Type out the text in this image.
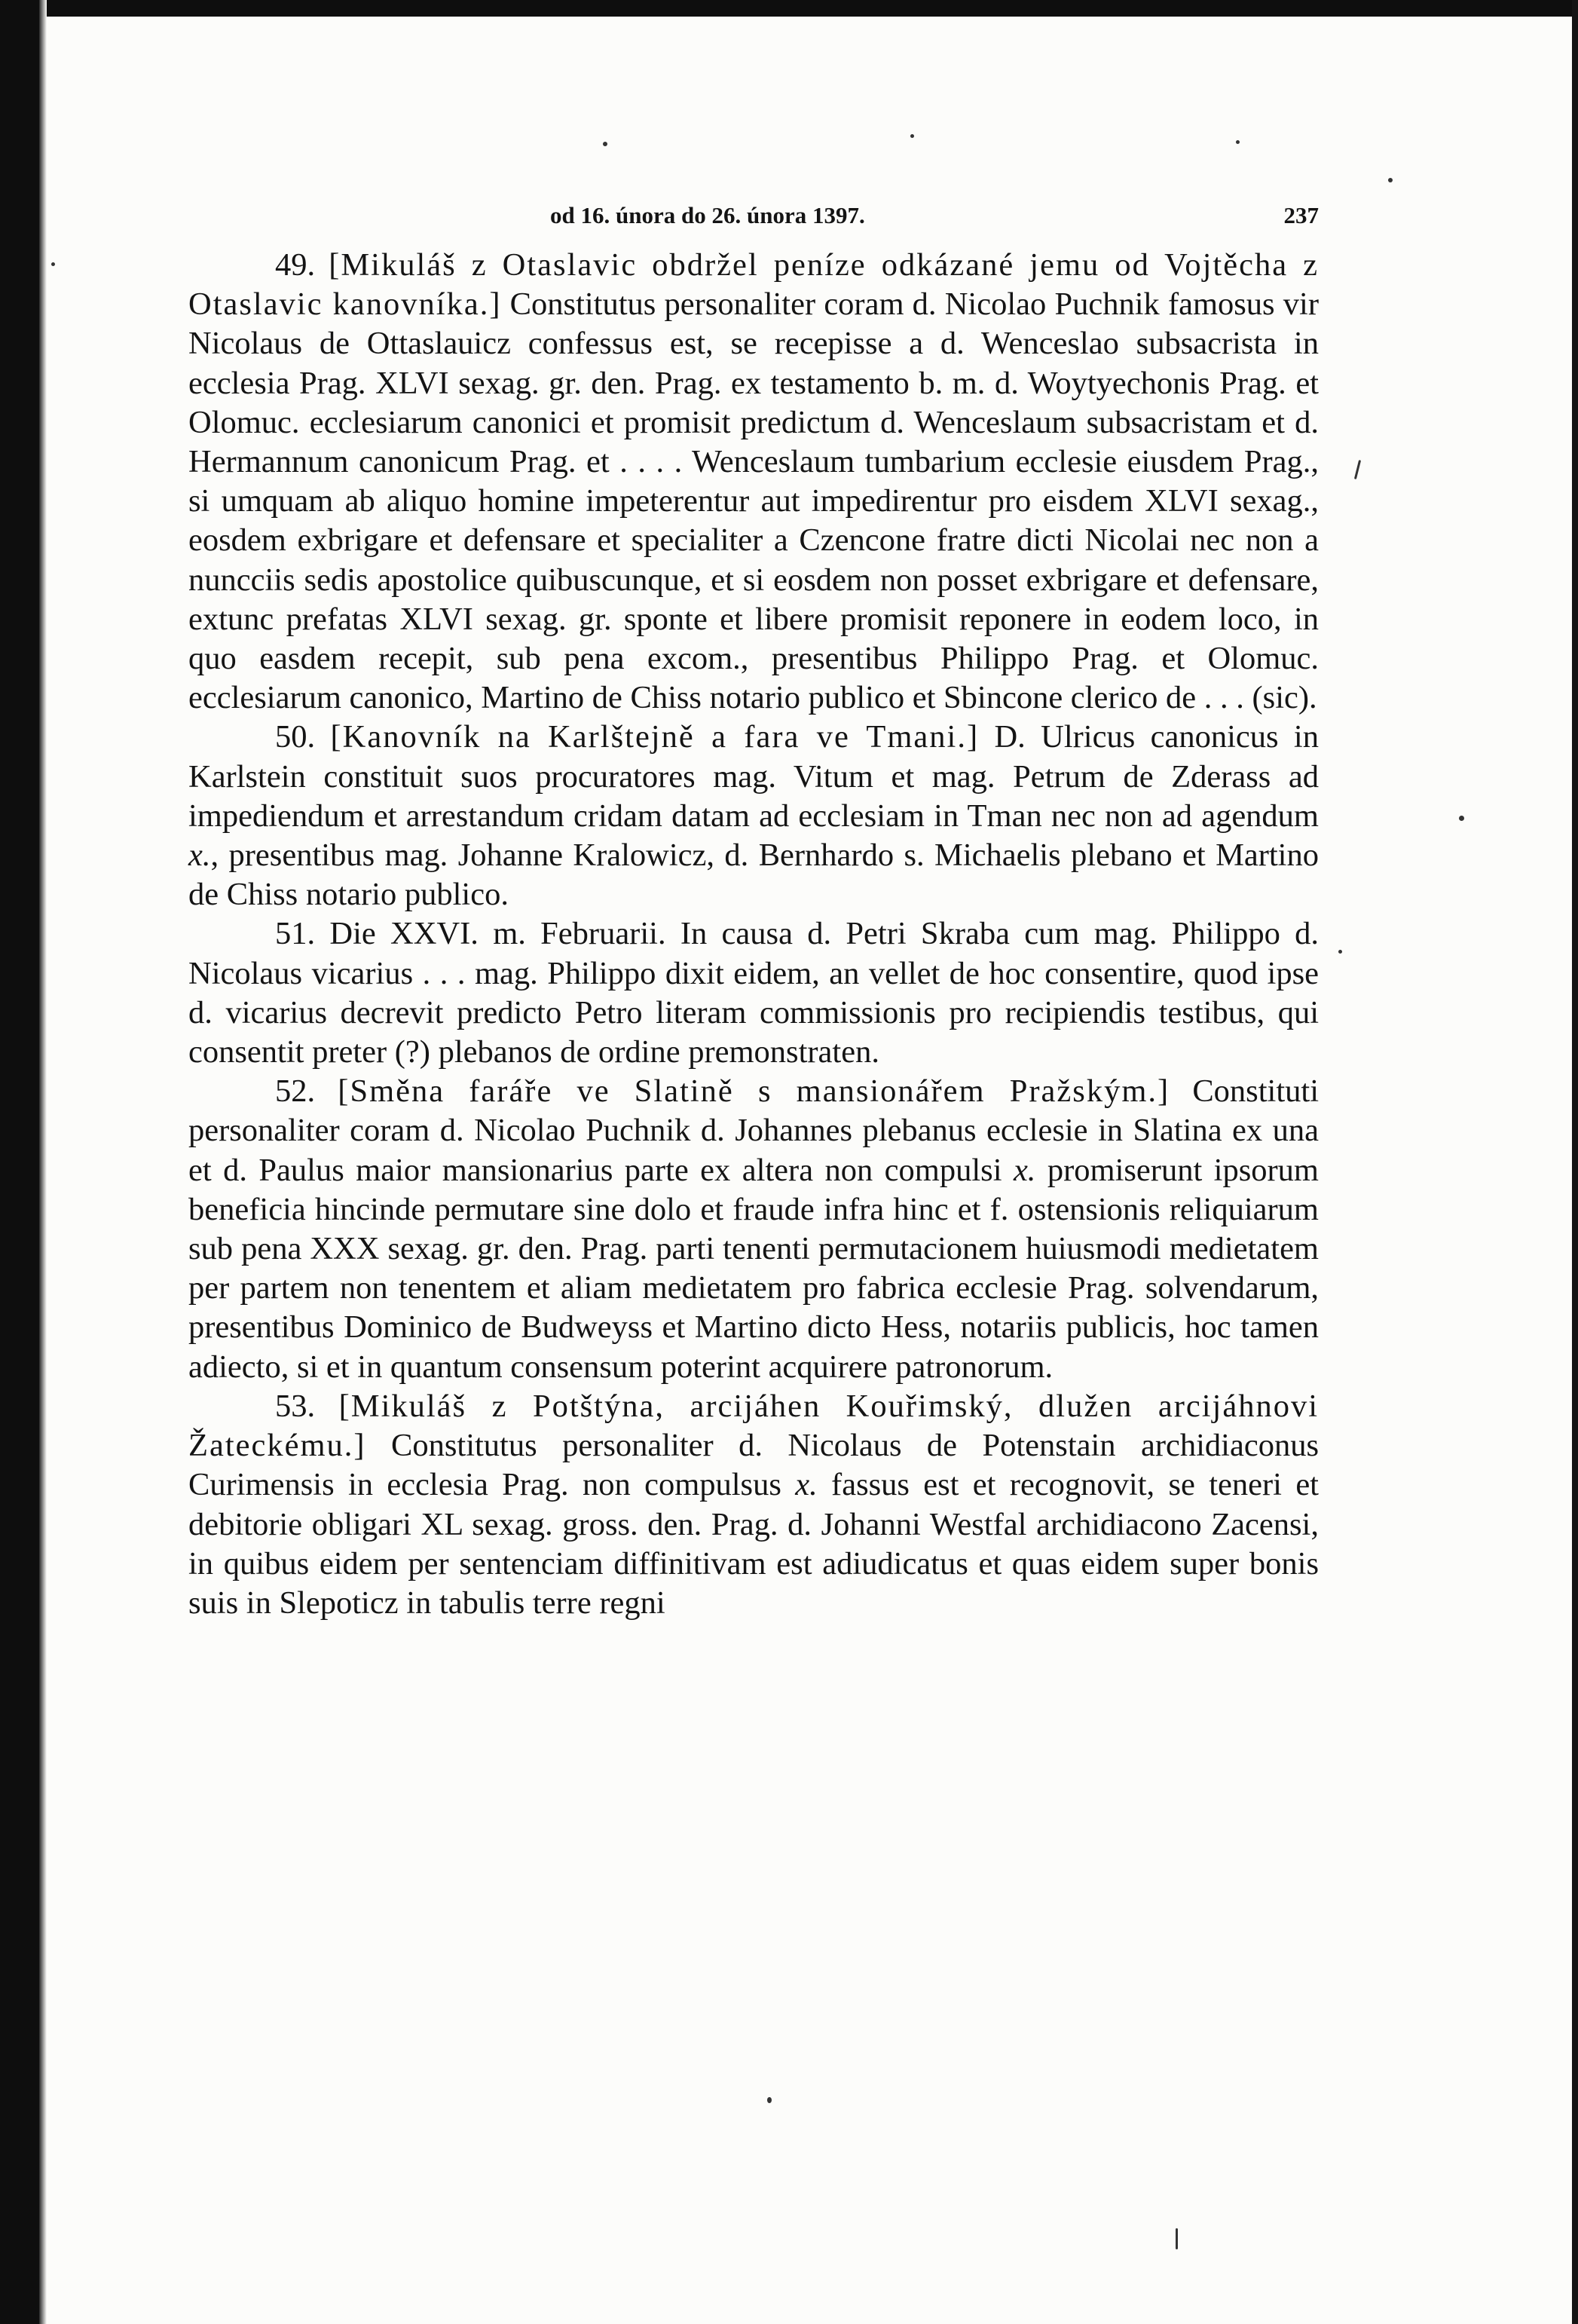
od 16. února do 26. února 1397.	237

49. [Mikuláš z Otaslavic obdržel peníze odkázané jemu od Vojtěcha z Otaslavic kanovníka.] Constitutus personaliter coram d. Nicolao Puchnik famosus vir Nicolaus de Ottaslauicz confessus est, se recepisse a d. Wenceslao subsacrista in ecclesia Prag. XLVI sexag. gr. den. Prag. ex testamento b. m. d. Woytyechonis Prag. et Olomuc. ecclesiarum canonici et promisit predictum d. Wenceslaum subsacristam et d. Hermannum canonicum Prag. et . . . . Wenceslaum tumbarium ecclesie eiusdem Prag., si umquam ab aliquo homine impeterentur aut impedirentur pro eisdem XLVI sexag., eosdem exbrigare et defensare et specialiter a Czencone fratre dicti Nicolai nec non a nuncciis sedis apostolice quibuscunque, et si eosdem non posset exbrigare et defensare, extunc prefatas XLVI sexag. gr. sponte et libere promisit reponere in eodem loco, in quo easdem recepit, sub pena excom., presentibus Philippo Prag. et Olomuc. ecclesiarum canonico, Martino de Chiss notario publico et Sbincone clerico de . . . (sic).

50. [Kanovník na Karlštejně a fara ve Tmani.] D. Ulricus canonicus in Karlstein constituit suos procuratores mag. Vitum et mag. Petrum de Zderass ad impediendum et arrestandum cridam datam ad ecclesiam in Tman nec non ad agendum x., presentibus mag. Johanne Kralowicz, d. Bernhardo s. Michaelis plebano et Martino de Chiss notario publico.

51. Die XXVI. m. Februarii. In causa d. Petri Skraba cum mag. Philippo d. Nicolaus vicarius . . . mag. Philippo dixit eidem, an vellet de hoc consentire, quod ipse d. vicarius decrevit predicto Petro literam commissionis pro recipiendis testibus, qui consentit preter (?) plebanos de ordine premonstraten.

52. [Směna faráře ve Slatině s mansionářem Pražským.] Constituti personaliter coram d. Nicolao Puchnik d. Johannes plebanus ecclesie in Slatina ex una et d. Paulus maior mansionarius parte ex altera non compulsi x. promiserunt ipsorum beneficia hincinde permutare sine dolo et fraude infra hinc et f. ostensionis reliquiarum sub pena XXX sexag. gr. den. Prag. parti tenenti permutacionem huiusmodi medietatem per partem non tenentem et aliam medietatem pro fabrica ecclesie Prag. solvendarum, presentibus Dominico de Budweyss et Martino dicto Hess, notariis publicis, hoc tamen adiecto, si et in quantum consensum poterint acquirere patronorum.

53. [Mikuláš z Potštýna, arcijáhen Kouřimský, dlužen arcijáhnovi Žateckému.] Constitutus personaliter d. Nicolaus de Potenstain archidiaconus Curimensis in ecclesia Prag. non compulsus x. fassus est et recognovit, se teneri et debitorie obligari XL sexag. gross. den. Prag. d. Johanni Westfal archidiacono Zacensi, in quibus eidem per sentenciam diffinitivam est adiudicatus et quas eidem super bonis suis in Slepoticz in tabulis terre regni
